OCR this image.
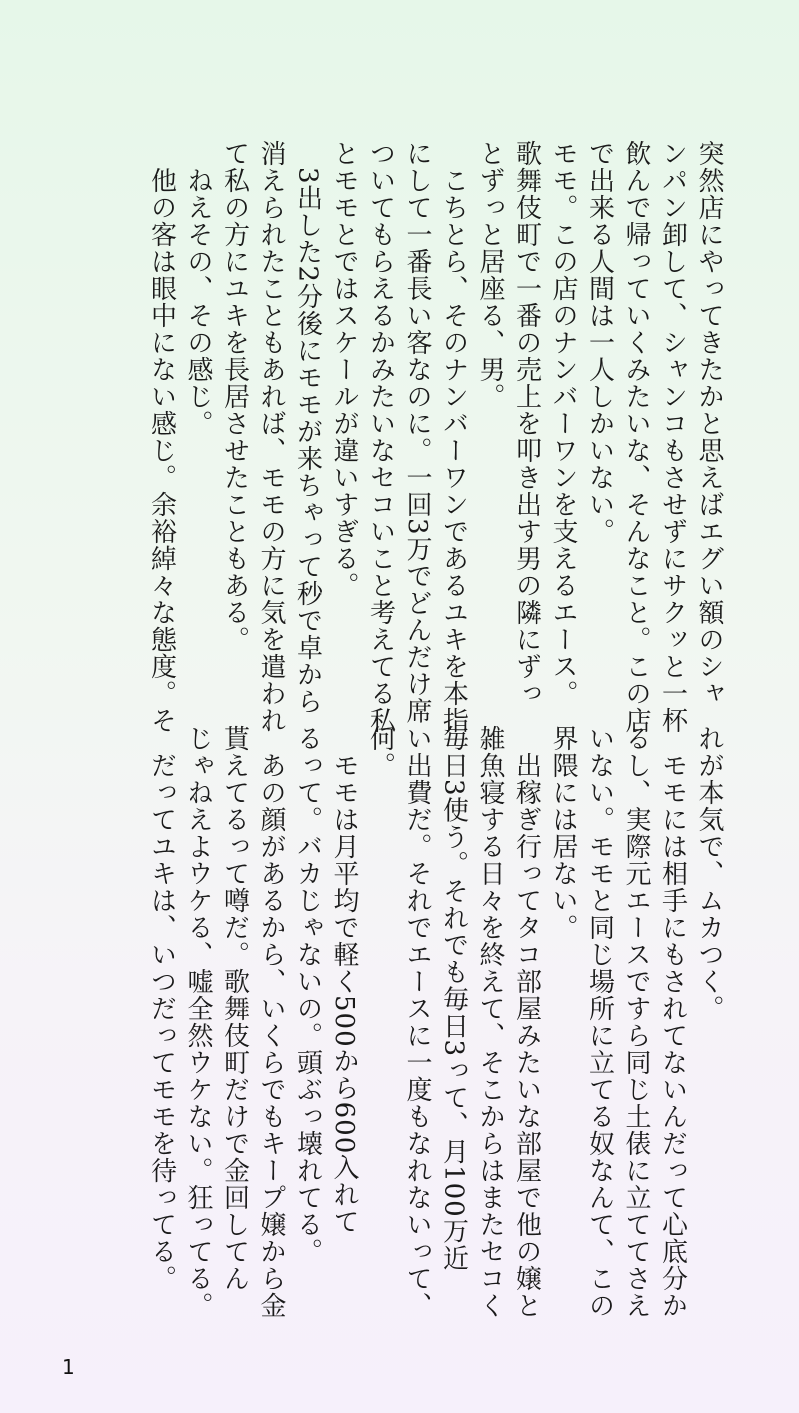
突然店にやってきたかと思えばエグい額のシャ

ンパン卸して、シャンコもさせずにサクッと一杯

飲んで帰っていくみたいな、そんなこと。この店

で出来る人間は一人しかいない。

モモ。この店のナンバーワンを支えるエース。

歌舞伎町で一番の売上を叩き出す男の隣にずっ

とずっと居座る、男。

　こちとら、そのナンバーワンであるユキを本指

にして一番長い客なのに。一回3万でどんだけ席

ついてもらえるかみたいなセコいこと考えてる私

とモモとではスケールが違いすぎる。

　3出した2分後にモモが来ちゃって秒で卓から

消えられたこともあれば、モモの方に気を遣われ

て私の方にユキを長居させたこともある。

　ねえその、その感じ。

　他の客は眼中にない感じ。余裕綽々な態度。そ

れが本気で、ムカつく。

　モモには相手にもされてないんだって心底分か

るし、実際元エースですら同じ土俵に立ててさえ

いない。モモと同じ場所に立てる奴なんて、この

界隈には居ない。

　出稼ぎ行ってタコ部屋みたいな部屋で他の嬢と

雑魚寝する日々を終えて、そこからはまたセコく

毎日3使う。それでも毎日3って、月100万近

い出費だ。それでエースに一度もなれないって、

何。

　モモは月平均で軽く500から600入れて

るって。バカじゃないの。頭ぶっ壊れてる。

　あの顔があるから、いくらでもキープ嬢から金

貰えてるって噂だ。歌舞伎町だけで金回してん

じゃねえよウケる、嘘全然ウケない。狂ってる。

　だってユキは、いつだってモモを待ってる。

1
